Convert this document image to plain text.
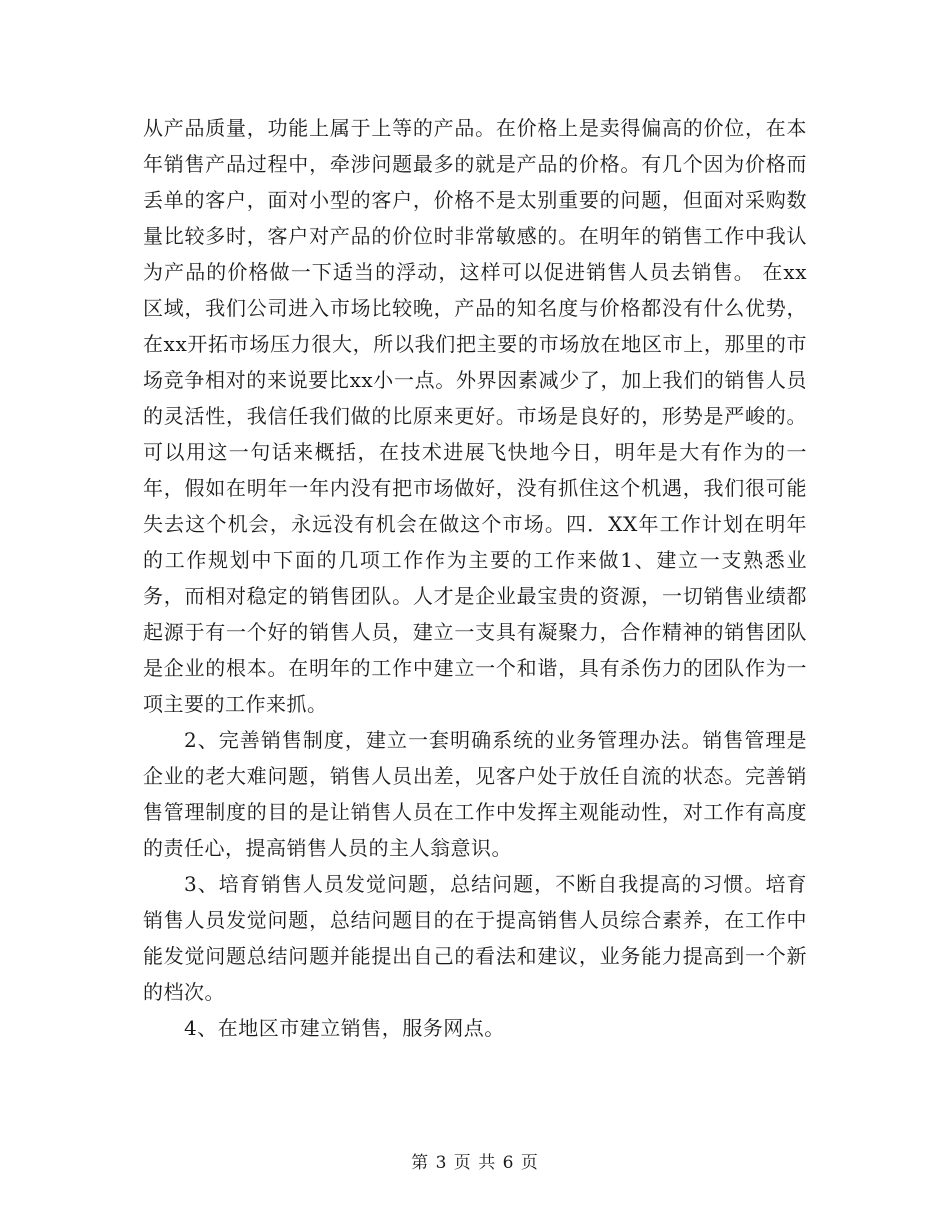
从产品质量，功能上属于上等的产品。在价格上是卖得偏高的价位，在本年销售产品过程中，牵涉问题最多的就是产品的价格。有几个因为价格而丢单的客户，面对小型的客户，价格不是太别重要的问题，但面对采购数量比较多时，客户对产品的价位时非常敏感的。在明年的销售工作中我认为产品的价格做一下适当的浮动，这样可以促进销售人员去销售。 在xx区域，我们公司进入市场比较晚，产品的知名度与价格都没有什么优势，在xx开拓市场压力很大，所以我们把主要的市场放在地区市上，那里的市场竞争相对的来说要比xx小一点。外界因素减少了，加上我们的销售人员的灵活性，我信任我们做的比原来更好。市场是良好的，形势是严峻的。可以用这一句话来概括，在技术进展飞快地今日，明年是大有作为的一年，假如在明年一年内没有把市场做好，没有抓住这个机遇，我们很可能失去这个机会，永远没有机会在做这个市场。四．XX年工作计划在明年的工作规划中下面的几项工作作为主要的工作来做1、建立一支熟悉业务，而相对稳定的销售团队。人才是企业最宝贵的资源，一切销售业绩都起源于有一个好的销售人员，建立一支具有凝聚力，合作精神的销售团队是企业的根本。在明年的工作中建立一个和谐，具有杀伤力的团队作为一项主要的工作来抓。

2、完善销售制度，建立一套明确系统的业务管理办法。销售管理是企业的老大难问题，销售人员出差，见客户处于放任自流的状态。完善销售管理制度的目的是让销售人员在工作中发挥主观能动性，对工作有高度的责任心，提高销售人员的主人翁意识。

3、培育销售人员发觉问题，总结问题，不断自我提高的习惯。培育销售人员发觉问题，总结问题目的在于提高销售人员综合素养，在工作中能发觉问题总结问题并能提出自己的看法和建议，业务能力提高到一个新的档次。

4、在地区市建立销售，服务网点。

第 3 页 共 6 页
